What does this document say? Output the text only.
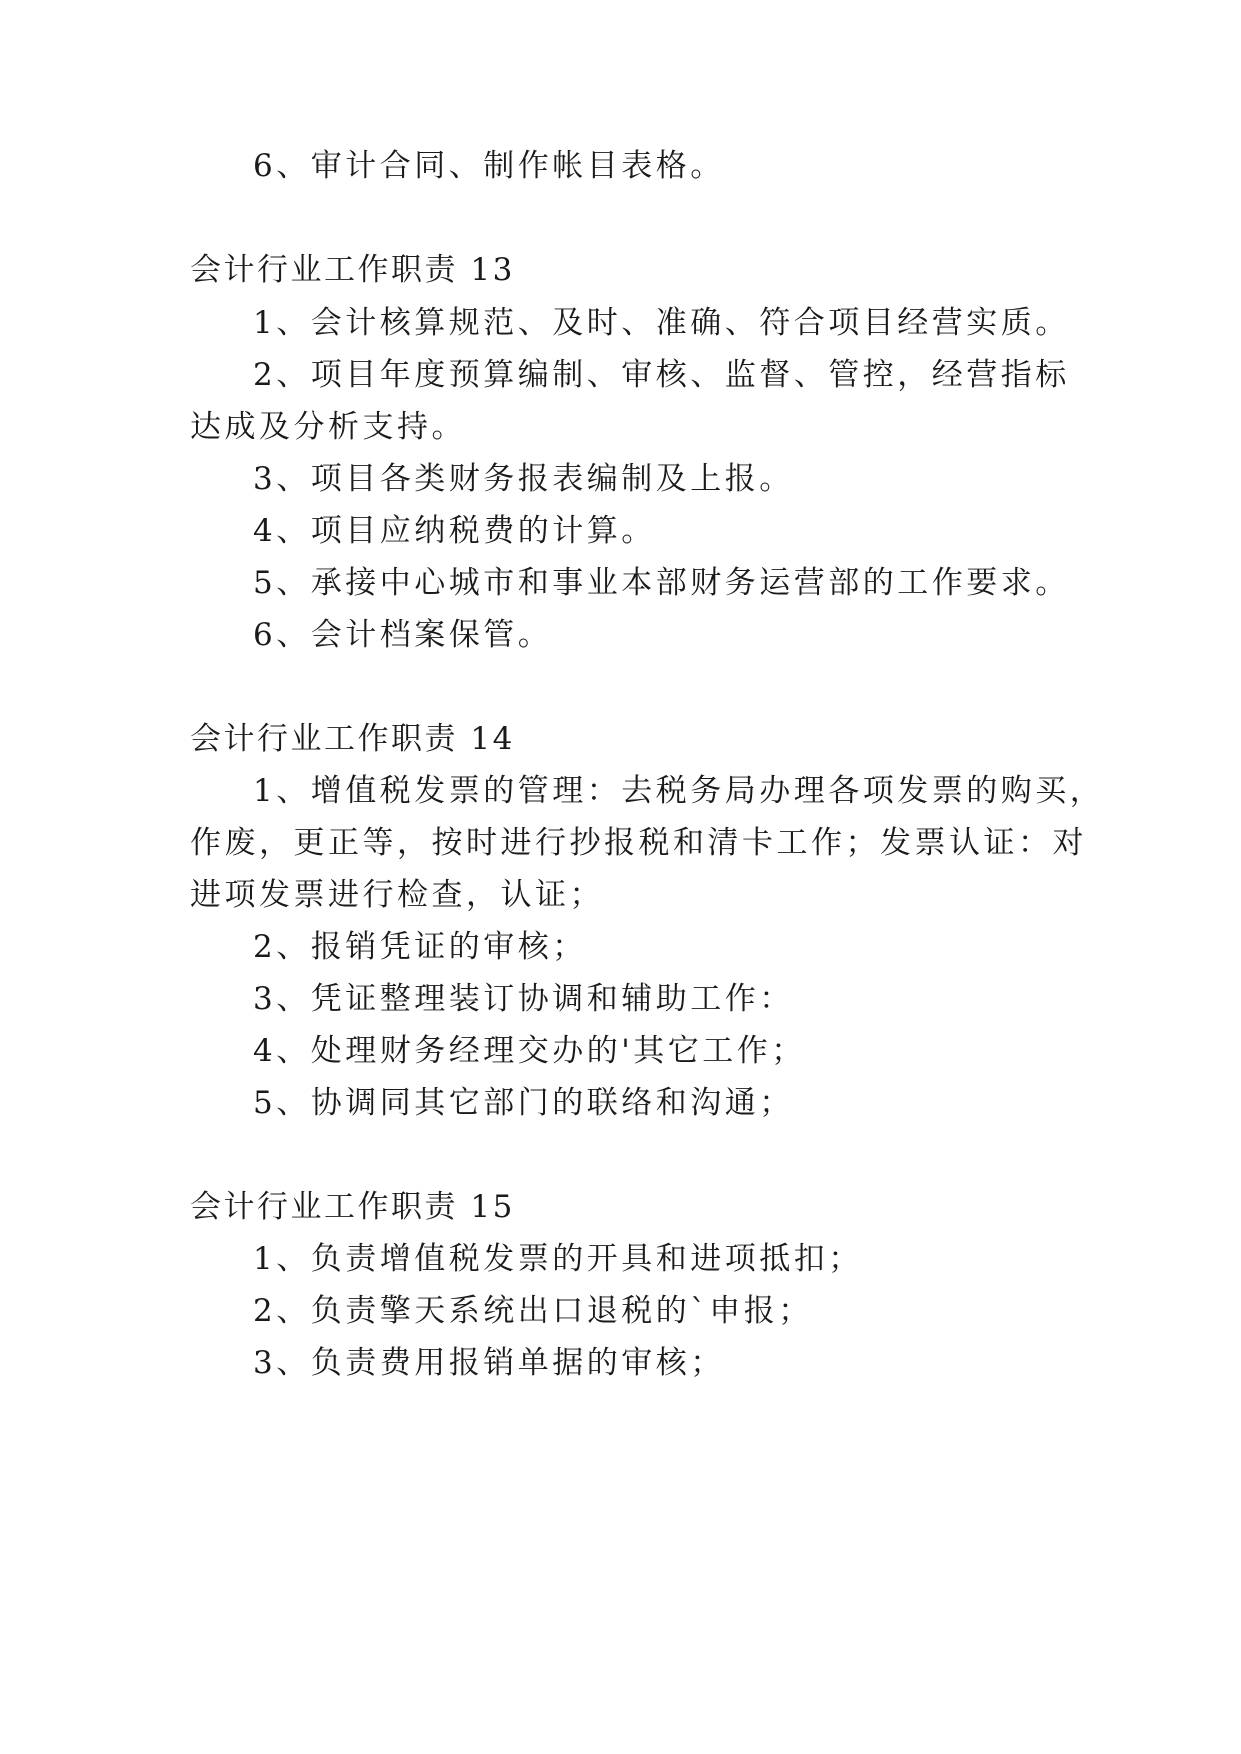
6、审计合同、制作帐目表格。
会计行业工作职责 13
1、会计核算规范、及时、准确、符合项目经营实质。
2、项目年度预算编制、审核、监督、管控，经营指标
达成及分析支持。
3、项目各类财务报表编制及上报。
4、项目应纳税费的计算。
5、承接中心城市和事业本部财务运营部的工作要求。
6、会计档案保管。
会计行业工作职责 14
1、增值税发票的管理：去税务局办理各项发票的购买，
作废，更正等，按时进行抄报税和清卡工作；发票认证：对
进项发票进行检查，认证；
2、报销凭证的审核；
3、凭证整理装订协调和辅助工作：
4、处理财务经理交办的'其它工作；
5、协调同其它部门的联络和沟通；
会计行业工作职责 15
1、负责增值税发票的开具和进项抵扣；
2、负责擎天系统出口退税的`申报；
3、负责费用报销单据的审核；
